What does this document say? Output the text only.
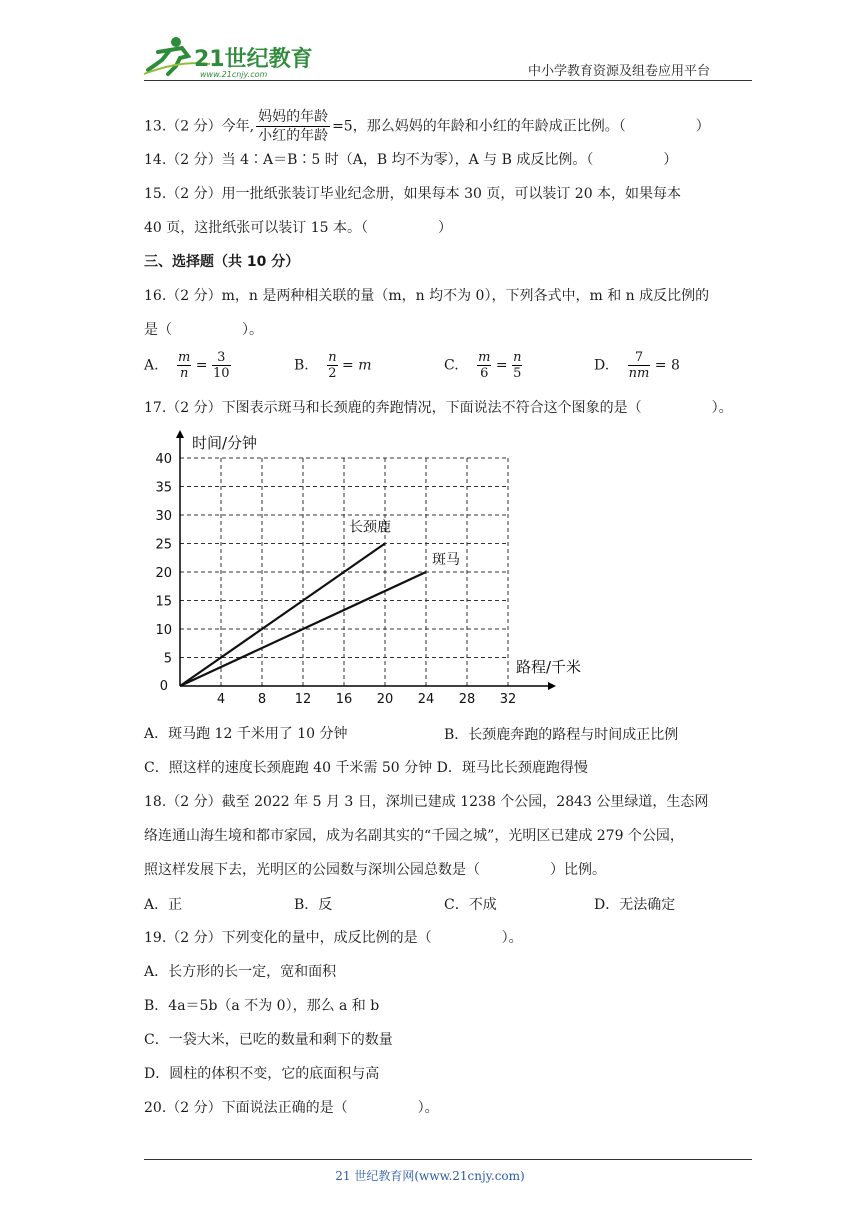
21世纪教育
www.21cnjy.com	中小学教育资源及组卷应用平台
13.（2 分）今年, $\frac{\text{妈妈的年龄}}{\text{小红的年龄}} =5$，那么妈妈的年龄和小红的年龄成正比例。（　　　　　）
14.（2 分）当 4∶A＝B∶5 时（A，B 均不为零），A 与 B 成反比例。（　　　　　）
15.（2 分）用一批纸张装订毕业纪念册，如果每本 30 页，可以装订 20 本，如果每本
40 页，这批纸张可以装订 15 本。（　　　　　）
三、选择题（共 10 分）
16.（2 分）m，n 是两种相关联的量（m，n 均不为 0），下列各式中，m 和 n 成反比例的
是（　　　　　）。
A. $\frac{m}{n} = \frac{3}{10}$	B. $\frac{n}{2} = m$	C. $\frac{m}{6} = \frac{n}{5}$	D. $\frac{7}{nm} = 8$
17.（2 分）下图表示斑马和长颈鹿的奔跑情况，下面说法不符合这个图象的是（　　　　　）。
4	8 12 16 20 24 28 32
0
5
10
15
20
25
30
35
40
时间/分钟
路程/千米
长颈鹿
斑马
A．斑马跑 12 千米用了 10 分钟	B．长颈鹿奔跑的路程与时间成正比例
C．照这样的速度长颈鹿跑 40 千米需 50 分钟 D．斑马比长颈鹿跑得慢
18.（2 分）截至 2022 年 5 月 3 日，深圳已建成 1238 个公园，2843 公里绿道，生态网
络连通山海生境和都市家园，成为名副其实的“千园之城”，光明区已建成 279 个公园，
照这样发展下去，光明区的公园数与深圳公园总数是（　　　　　）比例。
A．正	B．反	C．不成	D．无法确定
19.（2 分）下列变化的量中，成反比例的是（　　　　　）。
A．长方形的长一定，宽和面积
B．4a＝5b（a 不为 0），那么 a 和 b
C．一袋大米，已吃的数量和剩下的数量
D．圆柱的体积不变，它的底面积与高
20.（2 分）下面说法正确的是（　　　　　）。
21 世纪教育网(www.21cnjy.com)
